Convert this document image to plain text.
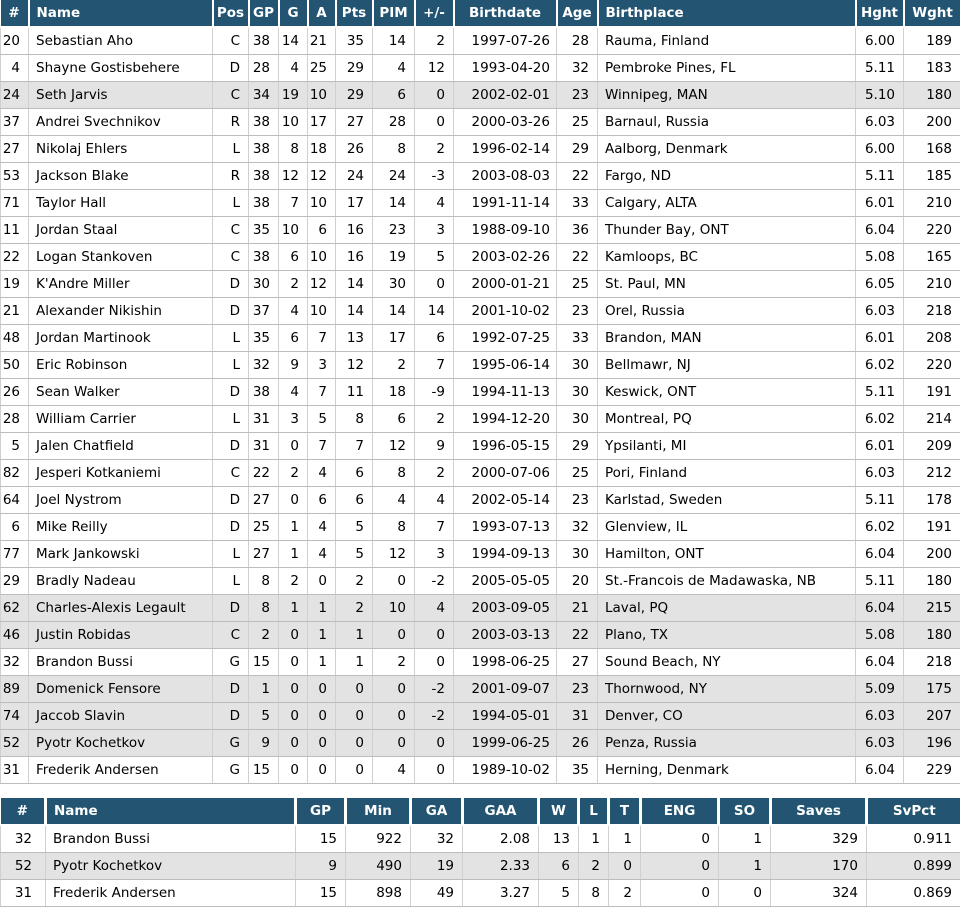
#	Name	Pos	GP	G	A	Pts	PIM	+/-	Birthdate	Age	Birthplace	Hght	Wght
20	Sebastian Aho	C	38	14	21	35	14	2	1997-07-26	28	Rauma, Finland	6.00	189
4	Shayne Gostisbehere	D	28	4	25	29	4	12	1993-04-20	32	Pembroke Pines, FL	5.11	183
24	Seth Jarvis	C	34	19	10	29	6	0	2002-02-01	23	Winnipeg, MAN	5.10	180
37	Andrei Svechnikov	R	38	10	17	27	28	0	2000-03-26	25	Barnaul, Russia	6.03	200
27	Nikolaj Ehlers	L	38	8	18	26	8	2	1996-02-14	29	Aalborg, Denmark	6.00	168
53	Jackson Blake	R	38	12	12	24	24	-3	2003-08-03	22	Fargo, ND	5.11	185
71	Taylor Hall	L	38	7	10	17	14	4	1991-11-14	33	Calgary, ALTA	6.01	210
11	Jordan Staal	C	35	10	6	16	23	3	1988-09-10	36	Thunder Bay, ONT	6.04	220
22	Logan Stankoven	C	38	6	10	16	19	5	2003-02-26	22	Kamloops, BC	5.08	165
19	K'Andre Miller	D	30	2	12	14	30	0	2000-01-21	25	St. Paul, MN	6.05	210
21	Alexander Nikishin	D	37	4	10	14	14	14	2001-10-02	23	Orel, Russia	6.03	218
48	Jordan Martinook	L	35	6	7	13	17	6	1992-07-25	33	Brandon, MAN	6.01	208
50	Eric Robinson	L	32	9	3	12	2	7	1995-06-14	30	Bellmawr, NJ	6.02	220
26	Sean Walker	D	38	4	7	11	18	-9	1994-11-13	30	Keswick, ONT	5.11	191
28	William Carrier	L	31	3	5	8	6	2	1994-12-20	30	Montreal, PQ	6.02	214
5	Jalen Chatfield	D	31	0	7	7	12	9	1996-05-15	29	Ypsilanti, MI	6.01	209
82	Jesperi Kotkaniemi	C	22	2	4	6	8	2	2000-07-06	25	Pori, Finland	6.03	212
64	Joel Nystrom	D	27	0	6	6	4	4	2002-05-14	23	Karlstad, Sweden	5.11	178
6	Mike Reilly	D	25	1	4	5	8	7	1993-07-13	32	Glenview, IL	6.02	191
77	Mark Jankowski	L	27	1	4	5	12	3	1994-09-13	30	Hamilton, ONT	6.04	200
29	Bradly Nadeau	L	8	2	0	2	0	-2	2005-05-05	20	St.-Francois de Madawaska, NB	5.11	180
62	Charles-Alexis Legault	D	8	1	1	2	10	4	2003-09-05	21	Laval, PQ	6.04	215
46	Justin Robidas	C	2	0	1	1	0	0	2003-03-13	22	Plano, TX	5.08	180
32	Brandon Bussi	G	15	0	1	1	2	0	1998-06-25	27	Sound Beach, NY	6.04	218
89	Domenick Fensore	D	1	0	0	0	0	-2	2001-09-07	23	Thornwood, NY	5.09	175
74	Jaccob Slavin	D	5	0	0	0	0	-2	1994-05-01	31	Denver, CO	6.03	207
52	Pyotr Kochetkov	G	9	0	0	0	0	0	1999-06-25	26	Penza, Russia	6.03	196
31	Frederik Andersen	G	15	0	0	0	4	0	1989-10-02	35	Herning, Denmark	6.04	229
#	Name	GP	Min	GA	GAA	W	L	T	ENG	SO	Saves	SvPct
32	Brandon Bussi	15	922	32	2.08	13	1	1	0	1	329	0.911
52	Pyotr Kochetkov	9	490	19	2.33	6	2	0	0	1	170	0.899
31	Frederik Andersen	15	898	49	3.27	5	8	2	0	0	324	0.869
